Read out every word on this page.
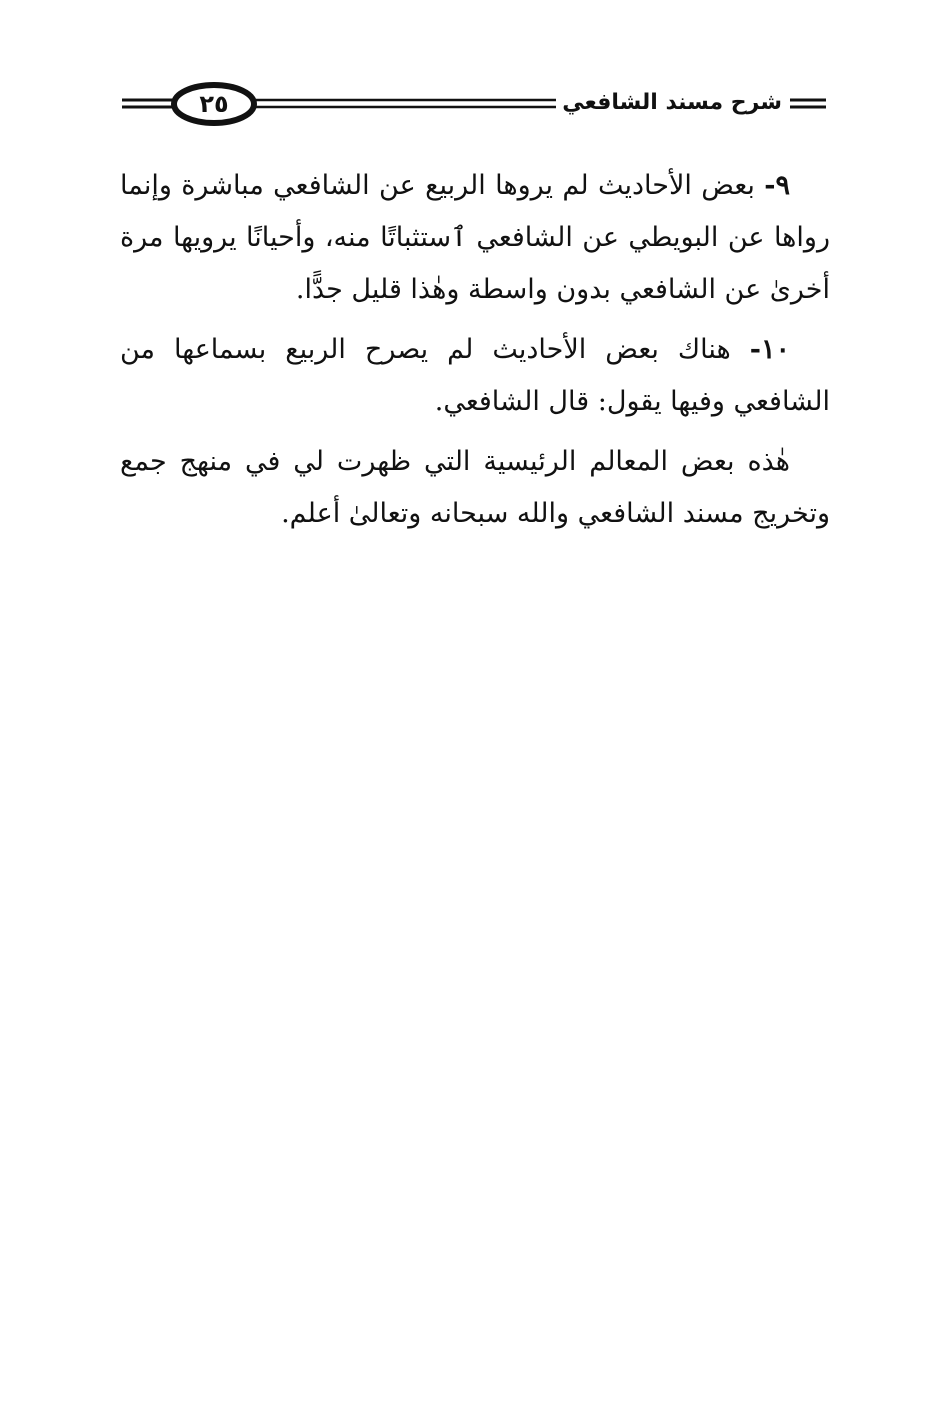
٢٥	شرح مسند الشافعي

٩- بعض الأحاديث لم يروها الربيع عن الشافعي مباشرة وإنما رواها عن البويطي عن الشافعي ٱستثباتًا منه، وأحيانًا يرويها مرة أخرىٰ عن الشافعي بدون واسطة وهٰذا قليل جدًّا.

١٠- هناك بعض الأحاديث لم يصرح الربيع بسماعها من الشافعي وفيها يقول: قال الشافعي.

هٰذه بعض المعالم الرئيسية التي ظهرت لي في منهج جمع وتخريج مسند الشافعي والله سبحانه وتعالىٰ أعلم.
